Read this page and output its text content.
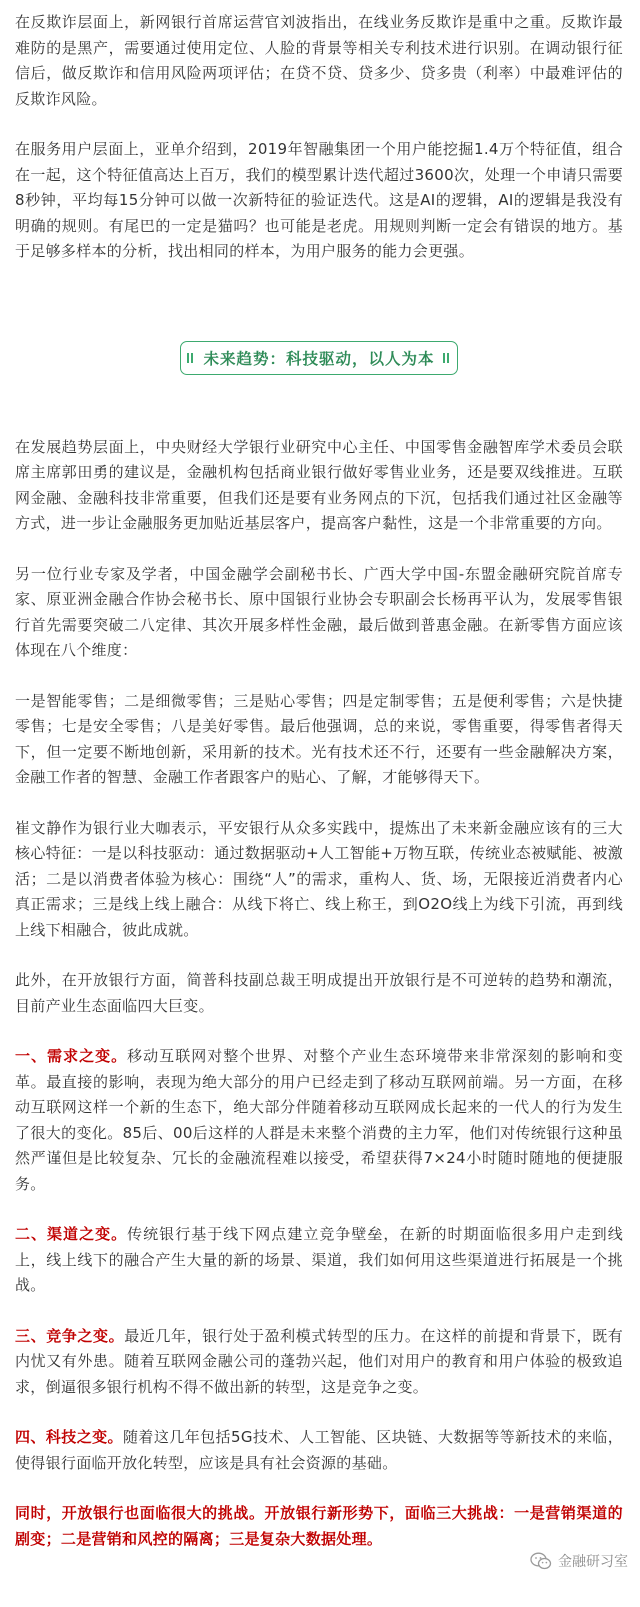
在反欺诈层面上，新网银行首席运营官刘波指出，在线业务反欺诈是重中之重。反欺诈最难防的是黑产，需要通过使用定位、人脸的背景等相关专利技术进行识别。在调动银行征信后，做反欺诈和信用风险两项评估；在贷不贷、贷多少、贷多贵（利率）中最难评估的反欺诈风险。

在服务用户层面上，亚单介绍到，2019年智融集团一个用户能挖掘1.4万个特征值，组合在一起，这个特征值高达上百万，我们的模型累计迭代超过3600次，处理一个申请只需要8秒钟，平均每15分钟可以做一次新特征的验证迭代。这是AI的逻辑，AI的逻辑是我没有明确的规则。有尾巴的一定是猫吗？也可能是老虎。用规则判断一定会有错误的地方。基于足够多样本的分析，找出相同的样本，为用户服务的能力会更强。

未来趋势：科技驱动，以人为本

在发展趋势层面上，中央财经大学银行业研究中心主任、中国零售金融智库学术委员会联席主席郭田勇的建议是，金融机构包括商业银行做好零售业业务，还是要双线推进。互联网金融、金融科技非常重要，但我们还是要有业务网点的下沉，包括我们通过社区金融等方式，进一步让金融服务更加贴近基层客户，提高客户黏性，这是一个非常重要的方向。

另一位行业专家及学者，中国金融学会副秘书长、广西大学中国-东盟金融研究院首席专家、原亚洲金融合作协会秘书长、原中国银行业协会专职副会长杨再平认为，发展零售银行首先需要突破二八定律、其次开展多样性金融，最后做到普惠金融。在新零售方面应该体现在八个维度：

一是智能零售；二是细微零售；三是贴心零售；四是定制零售；五是便利零售；六是快捷零售；七是安全零售；八是美好零售。最后他强调，总的来说，零售重要，得零售者得天下，但一定要不断地创新，采用新的技术。光有技术还不行，还要有一些金融解决方案，金融工作者的智慧、金融工作者跟客户的贴心、了解，才能够得天下。

崔文静作为银行业大咖表示，平安银行从众多实践中，提炼出了未来新金融应该有的三大核心特征：一是以科技驱动：通过数据驱动+人工智能+万物互联，传统业态被赋能、被激活；二是以消费者体验为核心：围绕“人”的需求，重构人、货、场，无限接近消费者内心真正需求；三是线上线上融合：从线下将亡、线上称王，到O2O线上为线下引流，再到线上线下相融合，彼此成就。

此外，在开放银行方面，简普科技副总裁王明成提出开放银行是不可逆转的趋势和潮流，目前产业生态面临四大巨变。

一、需求之变。移动互联网对整个世界、对整个产业生态环境带来非常深刻的影响和变革。最直接的影响，表现为绝大部分的用户已经走到了移动互联网前端。另一方面，在移动互联网这样一个新的生态下，绝大部分伴随着移动互联网成长起来的一代人的行为发生了很大的变化。85后、00后这样的人群是未来整个消费的主力军，他们对传统银行这种虽然严谨但是比较复杂、冗长的金融流程难以接受，希望获得7×24小时随时随地的便捷服务。

二、渠道之变。传统银行基于线下网点建立竞争壁垒，在新的时期面临很多用户走到线上，线上线下的融合产生大量的新的场景、渠道，我们如何用这些渠道进行拓展是一个挑战。

三、竞争之变。最近几年，银行处于盈利模式转型的压力。在这样的前提和背景下，既有内忧又有外患。随着互联网金融公司的蓬勃兴起，他们对用户的教育和用户体验的极致追求，倒逼很多银行机构不得不做出新的转型，这是竞争之变。

四、科技之变。随着这几年包括5G技术、人工智能、区块链、大数据等等新技术的来临，使得银行面临开放化转型，应该是具有社会资源的基础。

同时，开放银行也面临很大的挑战。开放银行新形势下，面临三大挑战：一是营销渠道的剧变；二是营销和风控的隔离；三是复杂大数据处理。

金融研习室
